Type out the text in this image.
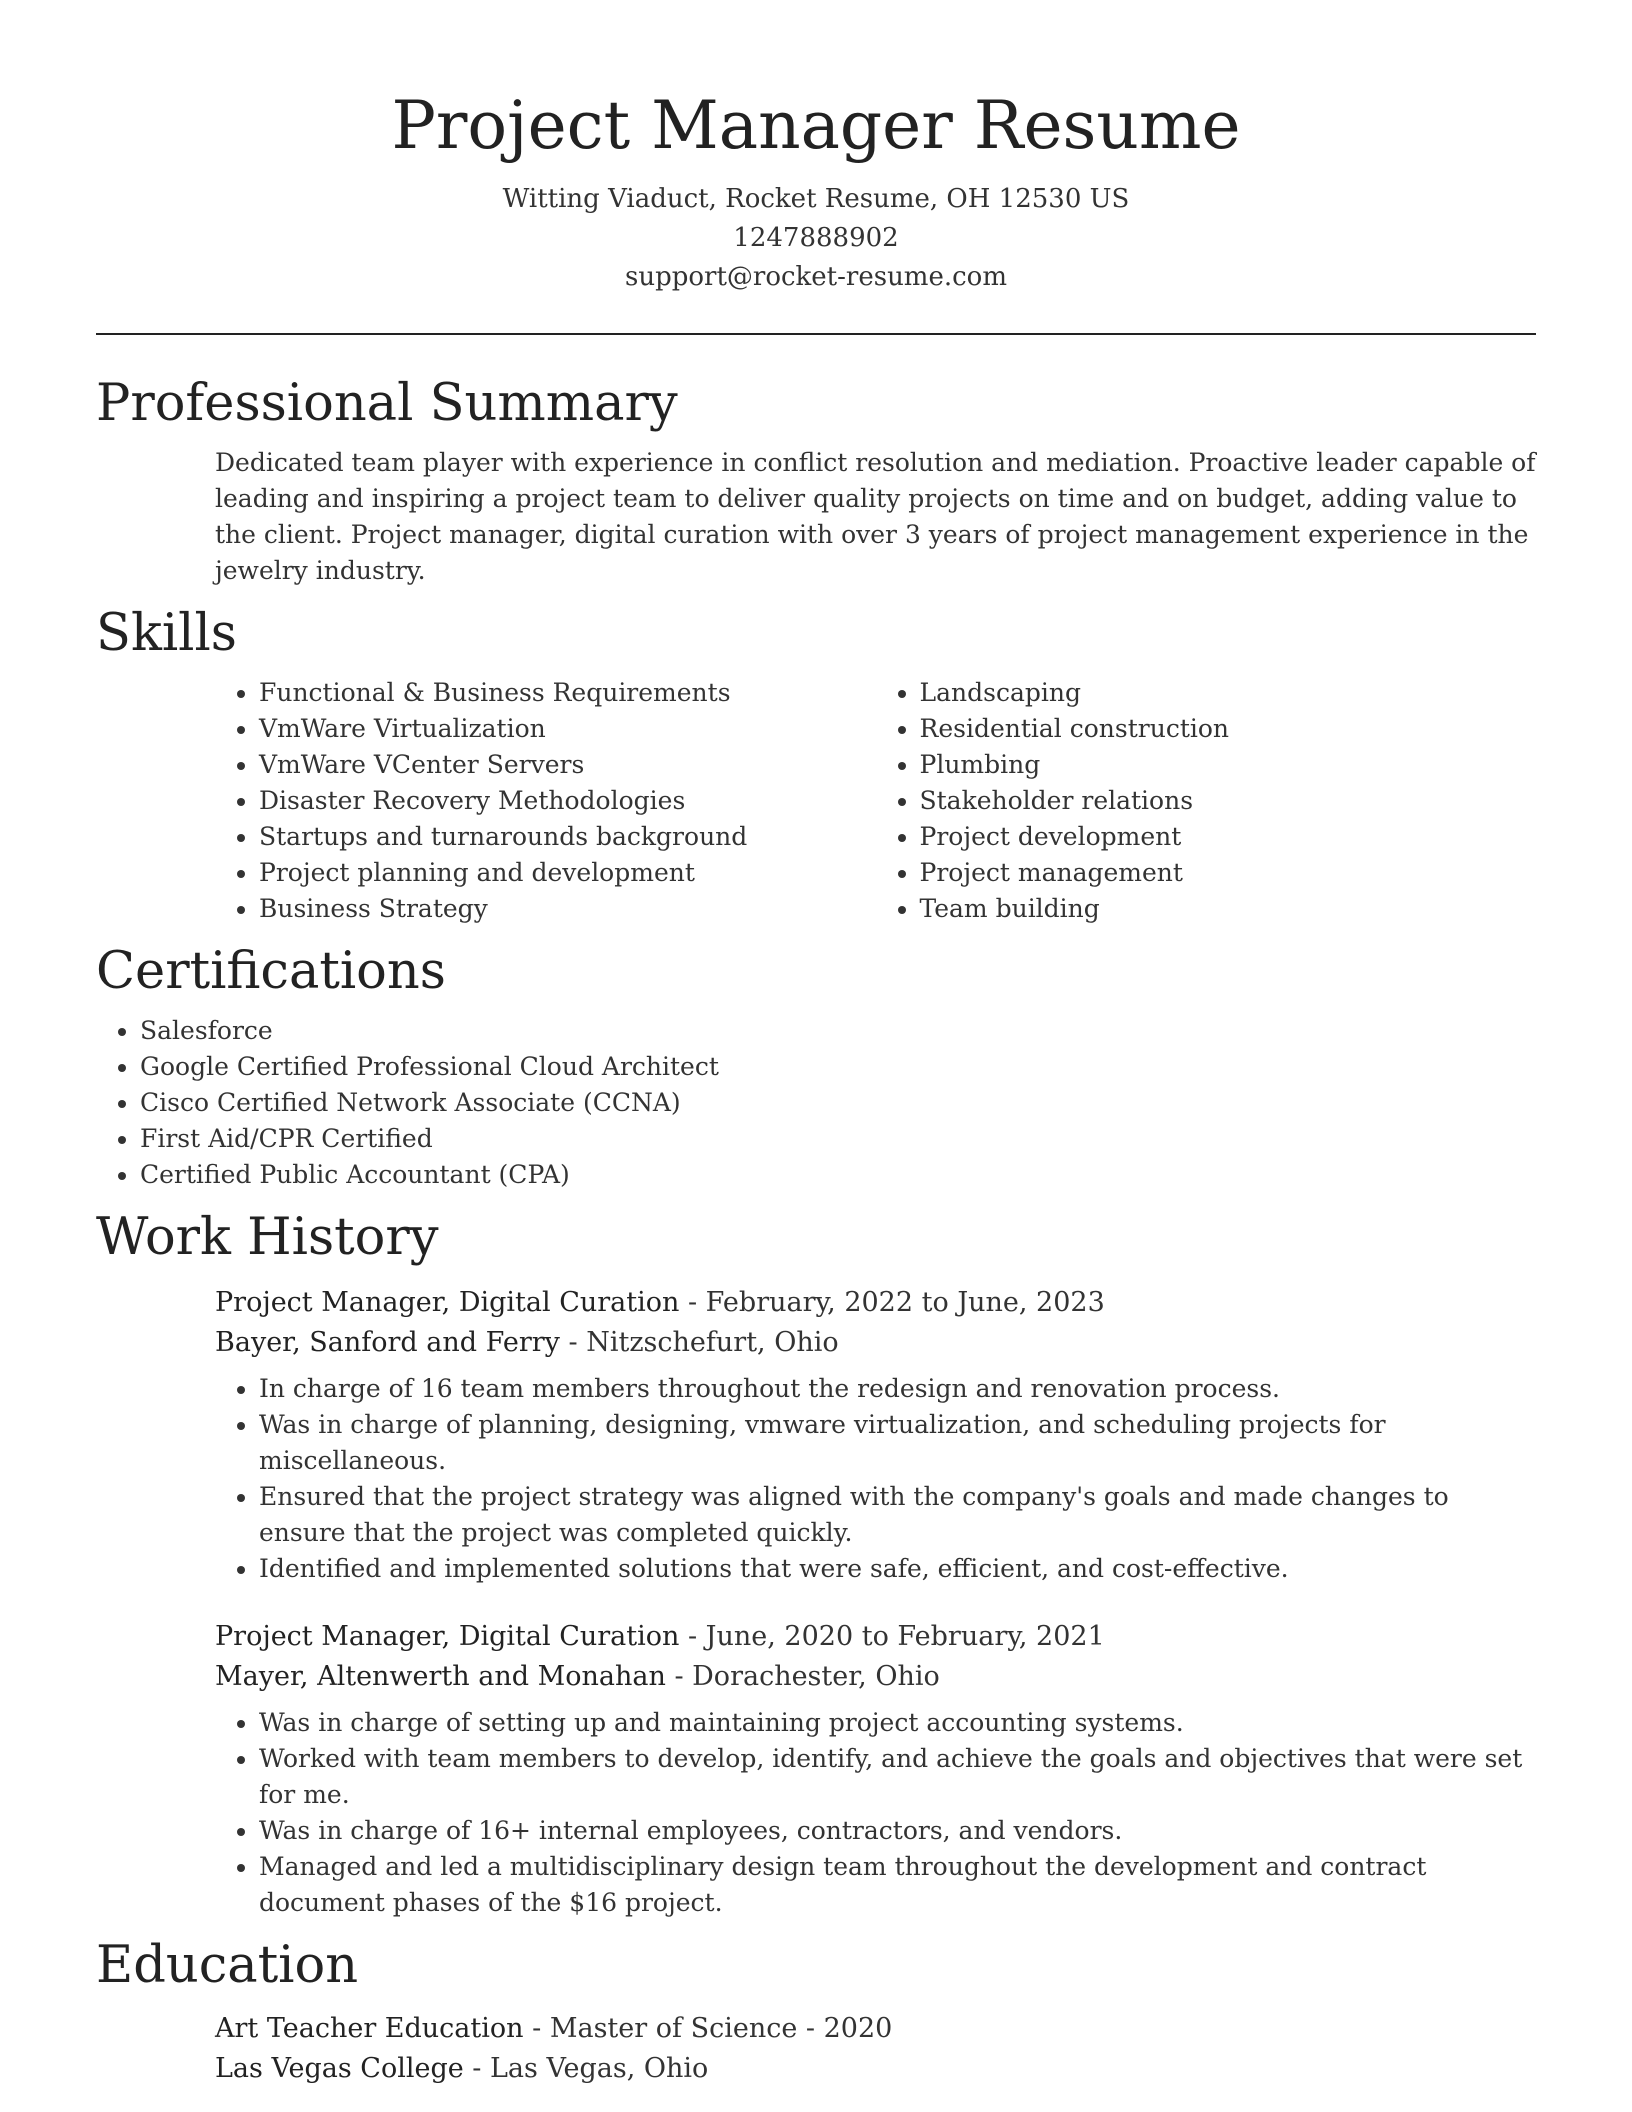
Project Manager Resume
Witting Viaduct, Rocket Resume, OH 12530 US
1247888902
support@rocket-resume.com
Professional Summary
Dedicated team player with experience in conflict resolution and mediation. Proactive leader capable of leading and inspiring a project team to deliver quality projects on time and on budget, adding value to the client. Project manager, digital curation with over 3 years of project management experience in the jewelry industry.
Skills
• Functional & Business Requirements
• VmWare Virtualization
• VmWare VCenter Servers
• Disaster Recovery Methodologies
• Startups and turnarounds background
• Project planning and development
• Business Strategy
• Landscaping
• Residential construction
• Plumbing
• Stakeholder relations
• Project development
• Project management
• Team building
Certifications
• Salesforce
• Google Certified Professional Cloud Architect
• Cisco Certified Network Associate (CCNA)
• First Aid/CPR Certified
• Certified Public Accountant (CPA)
Work History
Project Manager, Digital Curation - February, 2022 to June, 2023
Bayer, Sanford and Ferry - Nitzschefurt, Ohio
• In charge of 16 team members throughout the redesign and renovation process.
• Was in charge of planning, designing, vmware virtualization, and scheduling projects for miscellaneous.
• Ensured that the project strategy was aligned with the company's goals and made changes to ensure that the project was completed quickly.
• Identified and implemented solutions that were safe, efficient, and cost-effective.
Project Manager, Digital Curation - June, 2020 to February, 2021
Mayer, Altenwerth and Monahan - Dorachester, Ohio
• Was in charge of setting up and maintaining project accounting systems.
• Worked with team members to develop, identify, and achieve the goals and objectives that were set for me.
• Was in charge of 16+ internal employees, contractors, and vendors.
• Managed and led a multidisciplinary design team throughout the development and contract document phases of the $16 project.
Education
Art Teacher Education - Master of Science - 2020
Las Vegas College - Las Vegas, Ohio
